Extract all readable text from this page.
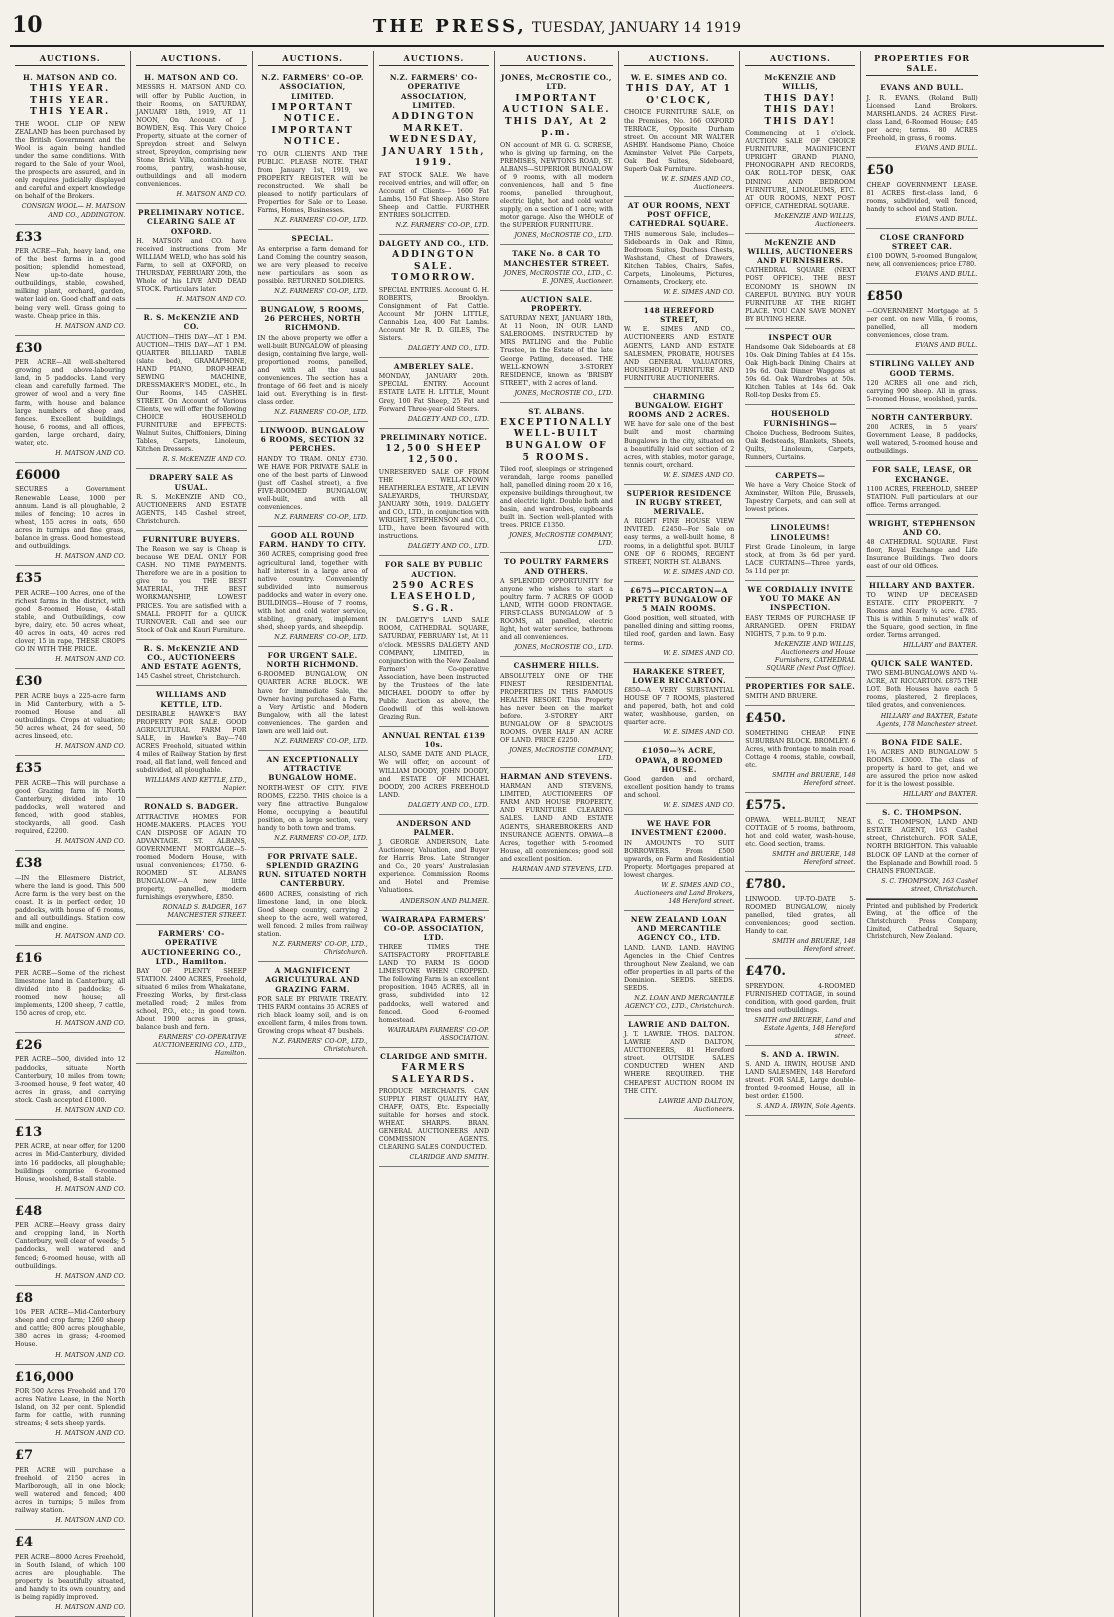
10	THE PRESS, TUESDAY, JANUARY 14 1919
AUCTIONS.
H. MATSON AND CO.
THIS YEAR. THIS YEAR. THIS YEAR.

THE WOOL CLIP OF NEW ZEALAND has been purchased by the British Government and the Wool is again being handled under the same conditions. With regard to the Sale of your Wool, the prospects are assured, and in only requires judicially displayed and careful and expert knowledge on behalf of the Brokers.

CONSIGN WOOL— H. MATSON AND CO., ADDINGTON.
£33

PER ACRE—Fah, heavy land, one of the best farms in a good position; splendid homestead, New up-to-date house, outbuildings, stable, cowshed, milking plant, orchard, garden, water laid on. Good chaff and oats being very well. Grass going to waste. Cheap price in this.

H. MATSON AND CO.
£30

PER ACRE—All well-sheltered growing and above-labouring land, in 5 paddocks. Land very clean and carefully farmed. The grower of wool and a very fine farm, with house and balance large numbers of sheep and fences. Excellent buildings, house, 6 rooms, and all offices, garden, large orchard, dairy, water, etc.

H. MATSON AND CO.
£6000

SECURES a Government Renewable Lease, 1000 per annum. Land is all ploughable, 2 miles of fencing; 10 acres in wheat, 155 acres in oats, 650 acres in turnips and fine grass, balance in grass. Good homestead and outbuildings.

H. MATSON AND CO.
£35

PER ACRE—100 Acres, one of the richest farms in the district, with good 8-roomed House, 4-stall stable, and Outbuildings, cow byre, dairy, etc. 50 acres wheat, 40 acres in oats, 40 acres red clover, 15 in rape, THESE CROPS GO IN WITH THE PRICE.

H. MATSON AND CO.
£30

PER ACRE buys a 225-acre farm in Mid Canterbury, with a 5-roomed House and all outbuildings. Crops at valuation; 50 acres wheat, 24 for seed, 50 acres linseed, etc.

H. MATSON AND CO.
£35

PER ACRE—This will purchase a good Grazing farm in North Canterbury, divided into 10 paddocks, well watered and fenced, with good stables, stockyards, all good. Cash required, £2200.

H. MATSON AND CO.
£38

—IN the Ellesmere District, where the land is good. This 500 Acre farm is the very best on the coast. It is in perfect order, 10 paddocks, with house of 6 rooms, and all outbuildings. Station cow milk and engine.

H. MATSON AND CO.
£16

PER ACRE—Some of the richest limestone land in Canterbury, all divided into 8 paddocks; 6-roomed new house; all implements, 1200 sheep, 7 cattle, 150 acres of crop, etc.

H. MATSON AND CO.
£26

PER ACRE—500, divided into 12 paddocks, situate North Canterbury, 10 miles from town; 3-roomed house, 9 feet water, 40 acres in grass, and carrying stock. Cash accepted £1000.

H. MATSON AND CO.
£13

PER ACRE, at near offer, for 1200 acres in Mid-Canterbury, divided into 16 paddocks, all ploughable; buildings comprise 6-roomed House, woolshed, 8-stall stable.

H. MATSON AND CO.
£48

PER ACRE—Heavy grass dairy and cropping land, in North Canterbury, well clear of weeds; 5 paddocks, well watered and fenced; 6-roomed house, with all outbuildings.

H. MATSON AND CO.
£8

10s PER ACRE—Mid-Canterbury sheep and crop farm; 1260 sheep and cattle; 800 acres ploughable, 380 acres in grass; 4-roomed House.

H. MATSON AND CO.
£16,000

FOR 500 Acres Freehold and 170 acres Native Lease, in the North Island, on 32 per cent. Splendid farm for cattle, with running streams; 4 sets sheep yards.

H. MATSON AND CO.
£7

PER ACRE will purchase a freehold of 2150 acres in Marlborough, all in one block; well watered and fenced; 400 acres in turnips; 5 miles from railway station.

H. MATSON AND CO.
£4

PER ACRE—8000 Acres Freehold, in South Island, of which 100 acres are ploughable. The property is beautifully situated, and handy to its own country, and is being rapidly improved.

H. MATSON AND CO.
AUCTIONS.
H. MATSON AND CO.

MESSRS H. MATSON AND CO. will offer by Public Auction, in their Rooms, on SATURDAY, JANUARY 18th, 1919, AT 11 NOON, On Account of J. BOWDEN, Esq. This Very Choice Property, situate at the corner of Spreydon street and Selwyn street, Spreydon, comprising new Stone Brick Villa, containing six rooms, pantry, wash-house, outbuildings and all modern conveniences.

H. MATSON AND CO.
PRELIMINARY NOTICE. CLEARING SALE AT OXFORD.

H. MATSON and CO. have received instructions from Mr WILLIAM WELD, who has sold his Farm, to sell at OXFORD, on THURSDAY, FEBRUARY 20th, the Whole of his LIVE AND DEAD STOCK. Particulars later.

H. MATSON AND CO.
R. S. McKENZIE AND CO.

AUCTION—THIS DAY—AT 1 P.M. AUCTION—THIS DAY—AT 1 P.M. QUARTER BILLIARD TABLE (slate bed), GRAMAPHONE, HAND PIANO, DROP-HEAD SEWING MACHINE, DRESSMAKER'S MODEL, etc., In Our Rooms, 145 CASHEL STREET. On Account of Various Clients, we will offer the following CHOICE HOUSEHOLD FURNITURE and EFFECTS: Walnut Suites, Chiffoniers, Dining Tables, Carpets, Linoleum, Kitchen Dressers.

R. S. McKENZIE AND CO.
DRAPERY SALE AS USUAL.

R. S. McKENZIE AND CO., AUCTIONEERS AND ESTATE AGENTS, 145 Cashel street, Christchurch.

FURNITURE BUYERS.

The Reason we say is Cheap is because WE DEAL ONLY FOR CASH. NO TIME PAYMENTS. Therefore we are in a position to give to you THE BEST MATERIAL, THE BEST WORKMANSHIP, LOWEST PRICES. You are satisfied with a SMALL PROFIT for a QUICK TURNOVER. Call and see our Stock of Oak and Kauri Furniture.

R. S. McKENZIE AND CO., AUCTIONEERS AND ESTATE AGENTS,

145 Cashel street, Christchurch.

WILLIAMS AND KETTLE, LTD.

DESIRABLE HAWKE'S BAY PROPERTY FOR SALE. GOOD AGRICULTURAL FARM FOR SALE, in Hawke's Bay—740 ACRES Freehold, situated within 4 miles of Railway Station by first road, all flat land, well fenced and subdivided, all ploughable.

WILLIAMS AND KETTLE, LTD., Napier.
RONALD S. BADGER.

ATTRACTIVE HOMES FOR HOME-MAKERS. PLACES YOU CAN DISPOSE OF AGAIN TO ADVANTAGE. ST. ALBANS, GOVERNMENT MORTGAGE—5-roomed Modern House, with usual conveniences; £1750. 6-ROOMED ST. ALBANS BUNGALOW—A new little property, panelled, modern furnishings everywhere, £850.

RONALD S. BADGER, 167 MANCHESTER STREET.
FARMERS' CO-OPERATIVE AUCTIONEERING CO., LTD., Hamilton.

BAY OF PLENTY SHEEP STATION. 2400 ACRES, Freehold, situated 6 miles from Whakatane, Freezing Works, by first-class metalled road; 2 miles from school, P.O., etc.; in good town. About 1900 acres in grass, balance bush and fern.

FARMERS' CO-OPERATIVE AUCTIONEERING CO., LTD., Hamilton.
AUCTIONS.
N.Z. FARMERS' CO-OP. ASSOCIATION, LIMITED.
IMPORTANT NOTICE. IMPORTANT NOTICE.

TO OUR CLIENTS AND THE PUBLIC. PLEASE NOTE. THAT from January 1st, 1919, we PROPERTY REGISTER will be reconstructed. We shall be pleased to notify particulars of Properties for Sale or to Lease. Farms, Homes, Businesses.

N.Z. FARMERS' CO-OP., LTD.
SPECIAL.

As enterprise a farm demand for Land Coming the country season, we are very pleased to receive new particulars as soon as possible. RETURNED SOLDIERS.

N.Z. FARMERS' CO-OP., LTD.
BUNGALOW, 5 ROOMS, 26 PERCHES, NORTH RICHMOND.

IN the above property we offer a well-built BUNGALOW of pleasing design, containing five large, well-proportioned rooms, panelled, and with all the usual conveniences. The section has a frontage of 66 feet and is nicely laid out. Everything is in first-class order.

N.Z. FARMERS' CO-OP., LTD.
LINWOOD. BUNGALOW 6 ROOMS, SECTION 32 PERCHES.

HANDY TO TRAM. ONLY £730. WE HAVE FOR PRIVATE SALE in one of the best parts of Linwood (just off Cashel street), a five FIVE-ROOMED BUNGALOW, well-built, and with all conveniences.

N.Z. FARMERS' CO-OP., LTD.
GOOD ALL ROUND FARM. HANDY TO CITY.

360 ACRES, comprising good free agricultural land, together with half interest in a large area of native country. Conveniently subdivided into numerous paddocks and water in every one. BUILDINGS—House of 7 rooms, with hot and cold water service, stabling, granary, implement shed, sheep yards, and sheepdip.

N.Z. FARMERS' CO-OP., LTD.
FOR URGENT SALE. NORTH RICHMOND.

6-ROOMED BUNGALOW, ON QUARTER ACRE BLOCK. WE have for immediate Sale, the Owner having purchased a Farm, a Very Artistic and Modern Bungalow, with all the latest conveniences. The garden and lawn are well laid out.

N.Z. FARMERS' CO-OP., LTD.
AN EXCEPTIONALLY ATTRACTIVE BUNGALOW HOME.

NORTH-WEST OF CITY. FIVE ROOMS, £2250. THIS choice is a very fine attractive Bungalow Home, occupying a beautiful position, on a large section, very handy to both town and trams.

N.Z. FARMERS' CO-OP., LTD.
FOR PRIVATE SALE. SPLENDID GRAZING RUN. SITUATED NORTH CANTERBURY.

4600 ACRES, consisting of rich limestone land, in one block. Good sheep country, carrying 2 sheep to the acre, well watered, well fenced. 2 miles from railway station.

N.Z. FARMERS' CO-OP., LTD., Christchurch.
A MAGNIFICENT AGRICULTURAL AND GRAZING FARM.

FOR SALE BY PRIVATE TREATY. THIS FARM contains 35 ACRES of rich black loamy soil, and is on excellent farm, 4 miles from town. Growing crops wheat 47 bushels.

N.Z. FARMERS' CO-OP., LTD., Christchurch.
AUCTIONS.
N.Z. FARMERS' CO-OPERATIVE ASSOCIATION, LIMITED.
ADDINGTON MARKET. WEDNESDAY, JANUARY 15th, 1919.

FAT STOCK SALE. We have received entries, and will offer, on Account of Clients— 1600 Fat Lambs, 150 Fat Sheep. Also Store Sheep and Cattle. FURTHER ENTRIES SOLICITED.

N.Z. FARMERS' CO-OP., LTD.
DALGETY AND CO., LTD.
ADDINGTON SALE. TOMORROW.

SPECIAL ENTRIES. Account G. H. ROBERTS, Brooklyn. Consignment of Fat Cattle. Account Mr JOHN LITTLE, Cannabis Lea, 400 Fat Lambs. Account Mr R. D. GILES, The Sisters.

DALGETY AND CO., LTD.
AMBERLEY SALE.

MONDAY, JANUARY 20th. SPECIAL ENTRY. Account ESTATE LATE H. LITTLE, Mount Grey, 100 Fat Sheep, 25 Fat and Forward Three-year-old Steers.

DALGETY AND CO., LTD.
PRELIMINARY NOTICE.
12,500 SHEEP 12,500.

UNRESERVED SALE OF FROM THE WELL-KNOWN HEATHERLEA ESTATE, AT LEVIN SALEYARDS, THURSDAY, JANUARY 30th, 1919. DALGETY and CO., LTD., in conjunction with WRIGHT, STEPHENSON and CO., LTD., have been favoured with instructions.

DALGETY AND CO., LTD.
FOR SALE BY PUBLIC AUCTION.
2590 ACRES LEASEHOLD, S.G.R.

IN DALGETY'S LAND SALE ROOM, CATHEDRAL SQUARE, SATURDAY, FEBRUARY 1st, At 11 o'clock. MESSRS DALGETY AND COMPANY, LIMITED, in conjunction with the New Zealand Farmers' Co-operative Association, have been instructed by the Trustees of the late MICHAEL DOODY to offer by Public Auction as above, the Goodwill of this well-known Grazing Run.

ANNUAL RENTAL £139 10s.

ALSO, SAME DATE AND PLACE, We will offer, on account of WILLIAM DOODY, JOHN DOODY, and ESTATE OF MICHAEL DOODY, 200 ACRES FREEHOLD LAND.

DALGETY AND CO., LTD.
ANDERSON AND PALMER.

J. GEORGE ANDERSON, Late Auctioneer, Valuation, and Buyer for Harris Bros. Late Stranger and Co., 20 years' Australasian experience. Commission Rooms and Hotel and Premise Valuations.

ANDERSON AND PALMER.
WAIRARAPA FARMERS' CO-OP. ASSOCIATION, LTD.

THREE TIMES THE SATISFACTORY PROFITABLE LAND TO FARM IS GOOD LIMESTONE WHEN CROPPED. The following Farm is an excellent proposition. 1045 ACRES, all in grass, subdivided into 12 paddocks, well watered and fenced. Good 6-roomed homestead.

WAIRARAPA FARMERS' CO-OP. ASSOCIATION.
CLARIDGE AND SMITH.
FARMERS SALEYARDS.

PRODUCE MERCHANTS. CAN SUPPLY FIRST QUALITY HAY, CHAFF, OATS, Etc. Especially suitable for horses and stock. WHEAT. SHARPS. BRAN. GENERAL AUCTIONEERS AND COMMISSION AGENTS. CLEARING SALES CONDUCTED.

CLARIDGE AND SMITH.
AUCTIONS.
JONES, McCROSTIE CO., LTD.
IMPORTANT AUCTION SALE. THIS DAY, At 2 p.m.

ON account of MR G. G. SCRESE, who is giving up farming, on the PREMISES, NEWTONS ROAD, ST. ALBANS—SUPERIOR BUNGALOW of 9 rooms, with all modern conveniences, hall and 5 fine rooms, panelled throughout, electric light, hot and cold water supply, on a section of 1 acre; with motor garage. Also the WHOLE of the SUPERIOR FURNITURE.

JONES, McCROSTIE CO., LTD.
TAKE No. 8 CAR TO MANCHESTER STREET.
JONES, McCROSTIE CO., LTD., C. E. JONES, Auctioneer.
AUCTION SALE. PROPERTY.

SATURDAY NEXT, JANUARY 18th, At 11 Noon, IN OUR LAND SALEROOMS. INSTRUCTED by MRS PATLING and the Public Trustee, in the Estate of the late George Patling, deceased. THE WELL-KNOWN 3-STOREY RESIDENCE, known as 'BRISBY STREET', with 2 acres of land.

JONES, McCROSTIE CO., LTD.
ST. ALBANS.
EXCEPTIONALLY WELL-BUILT BUNGALOW OF 5 ROOMS.

Tiled roof, sleepings or stringened verandah, large rooms panelled hall, panelled dining room 20 x 16, expensive buildings throughout, tw and electric light. Double bath and basin, and wardrobes, cupboards built in. Section well-planted with trees. PRICE £1350.

JONES, McCROSTIE COMPANY, LTD.
TO POULTRY FARMERS AND OTHERS.

A SPLENDID OPPORTUNITY for anyone who wishes to start a poultry farm. 7 ACRES OF GOOD LAND, WITH GOOD FRONTAGE. FIRST-CLASS BUNGALOW of 5 ROOMS, all panelled, electric light, hot water service, bathroom and all conveniences.

JONES, McCROSTIE CO., LTD.
CASHMERE HILLS.

ABSOLUTELY ONE OF THE FINEST RESIDENTIAL PROPERTIES IN THIS FAMOUS HEALTH RESORT. This Property has never been on the market before. 3-STOREY ART BUNGALOW OF 8 SPACIOUS ROOMS. OVER HALF AN ACRE OF LAND. PRICE £2250.

JONES, McCROSTIE COMPANY, LTD.
HARMAN AND STEVENS.

HARMAN AND STEVENS, LIMITED, AUCTIONEERS OF FARM AND HOUSE PROPERTY, AND FURNITURE CLEARING SALES. LAND AND ESTATE AGENTS, SHAREBROKERS AND INSURANCE AGENTS. OPAWA—8 Acres, together with 5-roomed House, all conveniences; good soil and excellent position.

HARMAN AND STEVENS, LTD.
AUCTIONS.
W. E. SIMES AND CO.
THIS DAY, AT 1 O'CLOCK,

CHOICE FURNITURE SALE, on the Premises, No. 166 OXFORD TERRACE, Opposite Durham street. On account MR WALTER ASHBY. Handsome Piano, Choice Axminster Velvet Pile Carpets, Oak Bed Suites, Sideboard, Superb Oak Furniture.

W. E. SIMES AND CO., Auctioneers.
AT OUR ROOMS, NEXT POST OFFICE, CATHEDRAL SQUARE.

THIS numerous Sale, includes—Sideboards in Oak and Rimu, Bedroom Suites, Duchess Chests, Washstand, Chest of Drawers, Kitchen Tables, Chairs, Safes, Carpets, Linoleums, Pictures, Ornaments, Crockery, etc.

W. E. SIMES AND CO.
148 HEREFORD STREET,

W. E. SIMES AND CO., AUCTIONEERS AND ESTATE AGENTS, LAND AND ESTATE SALESMEN, PROBATE, HOUSES AND GENERAL VALUATORS, HOUSEHOLD FURNITURE AND FURNITURE AUCTIONEERS.

CHARMING BUNGALOW. EIGHT ROOMS AND 2 ACRES.

WE have for sale one of the best built and most charming Bungalows in the city, situated on a beautifully laid out section of 2 acres, with stables, motor garage, tennis court, orchard.

W. E. SIMES AND CO.
SUPERIOR RESIDENCE IN RUGBY STREET, MERIVALE.

A RIGHT FINE HOUSE VIEW INVITED. £2450—For Sale on easy terms, a well-built home, 8 rooms, in a delightful spot. BUILT ONE OF 6 ROOMS, REGENT STREET, NORTH ST. ALBANS.

W. E. SIMES AND CO.
£675—PICCARTON—A PRETTY BUNGALOW OF 5 MAIN ROOMS.

Good position, well situated, with panelled dining and sitting rooms, tiled roof, garden and lawn. Easy terms.

W. E. SIMES AND CO.
HARAKEKE STREET, LOWER RICCARTON.

£850—A VERY SUBSTANTIAL HOUSE OF 7 ROOMS, plastered and papered, bath, hot and cold water, washhouse, garden, on quarter acre.

W. E. SIMES AND CO.
£1050—¾ ACRE, OPAWA, 8 ROOMED HOUSE.

Good garden and orchard, excellent position handy to trams and school.

W. E. SIMES AND CO.
WE HAVE FOR INVESTMENT £2000.

IN AMOUNTS TO SUIT BORROWERS. From £500 upwards, on Farm and Residential Property. Mortgages prepared at lowest charges.

W. E. SIMES AND CO., Auctioneers and Land Brokers, 148 Hereford street.
NEW ZEALAND LOAN AND MERCANTILE AGENCY CO., LTD.

LAND. LAND. LAND. HAVING Agencies in the Chief Centres throughout New Zealand, we can offer properties in all parts of the Dominion. SEEDS. SEEDS. SEEDS.

N.Z. LOAN AND MERCANTILE AGENCY CO., LTD., Christchurch.
LAWRIE AND DALTON.

J. T. LAWRIE. THOS. DALTON. LAWRIE AND DALTON, AUCTIONEERS, 81 Hereford street. OUTSIDE SALES CONDUCTED WHEN AND WHERE REQUIRED. THE CHEAPEST AUCTION ROOM IN THE CITY.

LAWRIE AND DALTON, Auctioneers.
AUCTIONS.
McKENZIE AND WILLIS,
THIS DAY! THIS DAY! THIS DAY!

Commencing at 1 o'clock. AUCTION SALE OF CHOICE FURNITURE, MAGNIFICENT UPRIGHT GRAND PIANO, PHONOGRAPH AND RECORDS, OAK ROLL-TOP DESK, OAK DINING AND BEDROOM FURNITURE, LINOLEUMS, ETC. AT OUR ROOMS, NEXT POST OFFICE, CATHEDRAL SQUARE.

McKENZIE AND WILLIS, Auctioneers.
McKENZIE AND WILLIS, AUCTIONEERS AND FURNISHERS.

CATHEDRAL SQUARE (NEXT POST OFFICE). THE BEST ECONOMY IS SHOWN IN CAREFUL BUYING. BUY YOUR FURNITURE AT THE RIGHT PLACE. YOU CAN SAVE MONEY BY BUYING HERE.

INSPECT OUR

Handsome Oak Sideboards at £8 10s. Oak Dining Tables at £4 15s. Oak High-back Dining Chairs at 19s 6d. Oak Dinner Waggons at 59s 6d. Oak Wardrobes at 50s. Kitchen Tables at 14s 6d. Oak Roll-top Desks from £5.

HOUSEHOLD FURNISHINGS—

Choice Duchess, Bedroom Suites, Oak Bedsteads, Blankets, Sheets, Quilts, Linoleum, Carpets, Runners, Curtains.

CARPETS—

We have a Very Choice Stock of Axminster, Wilton Pile, Brussels, Tapestry Carpets, and can sell at lowest prices.

LINOLEUMS! LINOLEUMS!

First Grade Linoleum, in large stock, at from 3s 6d per yard. LACE CURTAINS—Three yards, 5s 11d per pr.

WE CORDIALLY INVITE YOU TO MAKE AN INSPECTION.

EASY TERMS OF PURCHASE IF ARRANGED. OPEN FRIDAY NIGHTS, 7 p.m. to 9 p.m.

McKENZIE AND WILLIS, Auctioneers and House Furnishers, CATHEDRAL SQUARE (Next Post Office).
PROPERTIES FOR SALE.

SMITH AND BRUERE.

£450.

SOMETHING CHEAP. FINE SUBURBAN BLOCK. BROMLEY. 6 Acres, with frontage to main road. Cottage 4 rooms, stable, cowbail, etc.

SMITH and BRUERE, 148 Hereford street.
£575.

OPAWA. WELL-BUILT, NEAT COTTAGE of 5 rooms, bathroom, hot and cold water, wash-house, etc. Good section, trams.

SMITH and BRUERE, 148 Hereford street.
£780.

LINWOOD. UP-TO-DATE 5-ROOMED BUNGALOW, nicely panelled, tiled grates, all conveniences; good section. Handy to car.

SMITH and BRUERE, 148 Hereford street.
£470.

SPREYDON. 4-ROOMED FURNISHED COTTAGE, in sound condition, with good garden, fruit trees and outbuildings.

SMITH and BRUERE, Land and Estate Agents, 148 Hereford street.
S. AND A. IRWIN.

S. AND A. IRWIN, HOUSE AND LAND SALESMEN, 148 Hereford street. FOR SALE, Large double-fronted 9-roomed House, all in best order. £1500.

S. AND A. IRWIN, Sole Agents.
PROPERTIES FOR SALE.
EVANS AND BULL.

J. R. EVANS. (Roland Bull) Licensed Land Brokers. MARSHLANDS. 24 ACRES First-class Land, 6-Roomed House; £45 per acre; terms. 80 ACRES Freehold, in grass, 6 rooms.

EVANS AND BULL.
£50

CHEAP GOVERNMENT LEASE. 81 ACRES first-class land, 6 rooms, subdivided, well fenced, handy to school and Station.

EVANS AND BULL.
CLOSE CRANFORD STREET CAR.

£100 DOWN, 5-roomed Bungalow, new, all conveniences; price £780.

EVANS AND BULL.
£850

—GOVERNMENT Mortgage at 5 per cent. on new Villa, 6 rooms, panelled, all modern conveniences, close tram.

EVANS AND BULL.
STIRLING VALLEY AND GOOD TERMS.

120 ACRES all one and rich, carrying 900 sheep. All in grass. 5-roomed House, woolshed, yards.

NORTH CANTERBURY.

200 ACRES, in 5 years' Government Lease, 8 paddocks, well watered, 5-roomed house and outbuildings.

FOR SALE, LEASE, OR EXCHANGE.

1100 ACRES, FREEHOLD, SHEEP STATION. Full particulars at our office. Terms arranged.

WRIGHT, STEPHENSON AND CO.

48 CATHEDRAL SQUARE. First floor, Royal Exchange and Life Insurance Buildings. Two doors east of our old Offices.

HILLARY AND BAXTER.

TO WIND UP DECEASED ESTATE. CITY PROPERTY. 7 Rooms and Nearly ¼ acre. £785. This is within 5 minutes' walk of the Square, good section, in fine order. Terms arranged.

HILLARY and BAXTER.
QUICK SALE WANTED.

TWO SEMI-BUNGALOWS AND ¼-ACRE, AT RICCARTON. £875 THE LOT. Both Houses have each 5 rooms, plastered, 2 fireplaces, tiled grates, and conveniences.

HILLARY and BAXTER, Estate Agents, 178 Manchester street.
BONA FIDE SALE.

1¾ ACRES AND BUNGALOW 5 ROOMS. £3000. The class of property is hard to get, and we are assured the price now asked for it is the lowest possible.

HILLARY and BAXTER.
S. C. THOMPSON.

S. C. THOMPSON, LAND AND ESTATE AGENT, 163 Cashel street, Christchurch. FOR SALE, NORTH BRIGHTON. This valuable BLOCK OF LAND at the corner of the Esplanade and Bowhill road. 5 CHAINS FRONTAGE.

S. C. THOMPSON, 163 Cashel street, Christchurch.
Printed and published by Frederick Ewing, at the office of the Christchurch Press Company, Limited, Cathedral Square, Christchurch, New Zealand.
